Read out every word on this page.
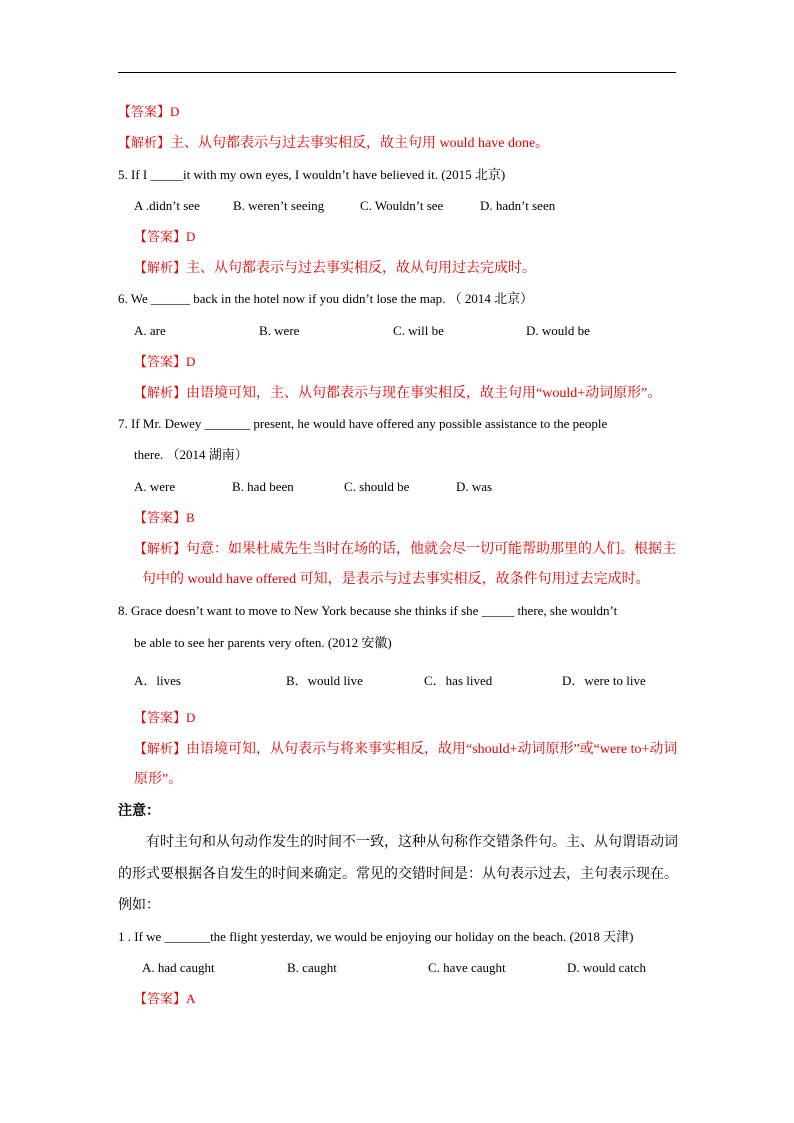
【答案】D
【解析】主、从句都表示与过去事实相反，故主句用 would have done。
5. If I _____it with my own eyes, I wouldn’t have believed it. (2015 北京)
A .didn’t see	B. weren’t seeing	C. Wouldn’t see	D. hadn’t seen
【答案】D
【解析】主、从句都表示与过去事实相反，故从句用过去完成时。
6. We ______ back in the hotel now if you didn’t lose the map. （ 2014 北京）
A. are	B. were	C. will be	D. would be
【答案】D
【解析】由语境可知，主、从句都表示与现在事实相反，故主句用“would+动词原形”。
7. If Mr. Dewey _______ present, he would have offered any possible assistance to the people
there. （2014 湖南）
A. were	B. had been	C. should be	D. was
【答案】B
【解析】句意：如果杜威先生当时在场的话，他就会尽一切可能帮助那里的人们。根据主
句中的 would have offered 可知，是表示与过去事实相反，故条件句用过去完成时。
8. Grace doesn’t want to move to New York because she thinks if she _____ there, she wouldn’t
be able to see her parents very often. (2012 安徽)
A．lives	B．would live	C．has lived	D．were to live
【答案】D
【解析】由语境可知，从句表示与将来事实相反，故用“should+动词原形”或“were to+动词
原形”。
注意：
有时主句和从句动作发生的时间不一致，这种从句称作交错条件句。主、从句谓语动词
的形式要根据各自发生的时间来确定。常见的交错时间是：从句表示过去，主句表示现在。
例如：
1 . If we _______the flight yesterday, we would be enjoying our holiday on the beach. (2018 天津)
A. had caught	B. caught	C. have caught	D. would catch
【答案】A
